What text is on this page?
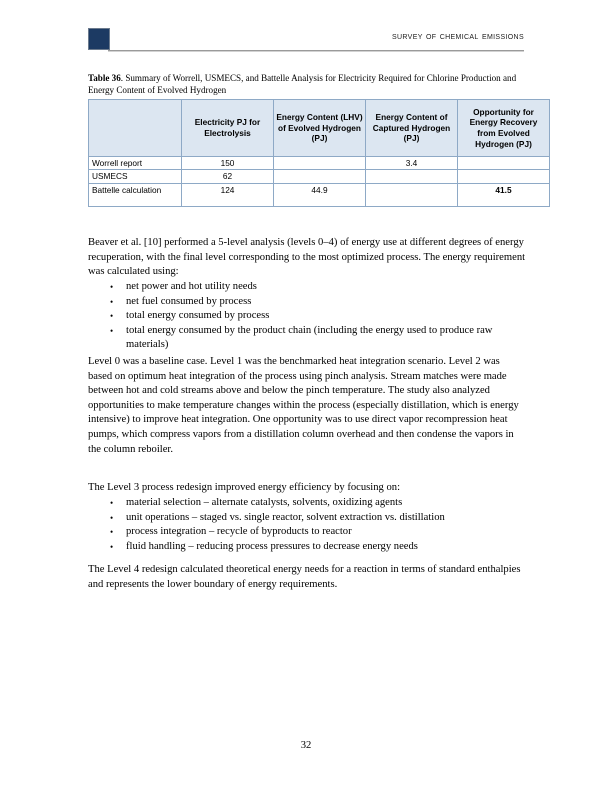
survey of chemical emissions
Table 36. Summary of Worrell, USMECS, and Battelle Analysis for Electricity Required for Chlorine Production and Energy Content of Evolved Hydrogen
	Electricity PJ for Electrolysis	Energy Content (LHV) of Evolved Hydrogen (PJ)	Energy Content of Captured Hydrogen (PJ)	Opportunity for Energy Recovery from Evolved Hydrogen (PJ)
Worrell report	150		3.4	
USMECS	62			
Battelle calculation	124	44.9		41.5

Beaver et al. [10] performed a 5-level analysis (levels 0–4) of energy use at different degrees of energy recuperation, with the final level corresponding to the most optimized process. The energy requirement was calculated using:

• net power and hot utility needs
• net fuel consumed by process
• total energy consumed by process
• total energy consumed by the product chain (including the energy used to produce raw materials)

Level 0 was a baseline case. Level 1 was the benchmarked heat integration scenario. Level 2 was based on optimum heat integration of the process using pinch analysis. Stream matches were made between hot and cold streams above and below the pinch temperature. The study also analyzed opportunities to make temperature changes within the process (especially distillation, which is energy intensive) to improve heat integration. One opportunity was to use direct vapor recompression heat pumps, which compress vapors from a distillation column overhead and then condense the vapors in the column reboiler.

The Level 3 process redesign improved energy efficiency by focusing on:

• material selection – alternate catalysts, solvents, oxidizing agents
• unit operations – staged vs. single reactor, solvent extraction vs. distillation
• process integration – recycle of byproducts to reactor
• fluid handling – reducing process pressures to decrease energy needs

The Level 4 redesign calculated theoretical energy needs for a reaction in terms of standard enthalpies and represents the lower boundary of energy requirements.

32
